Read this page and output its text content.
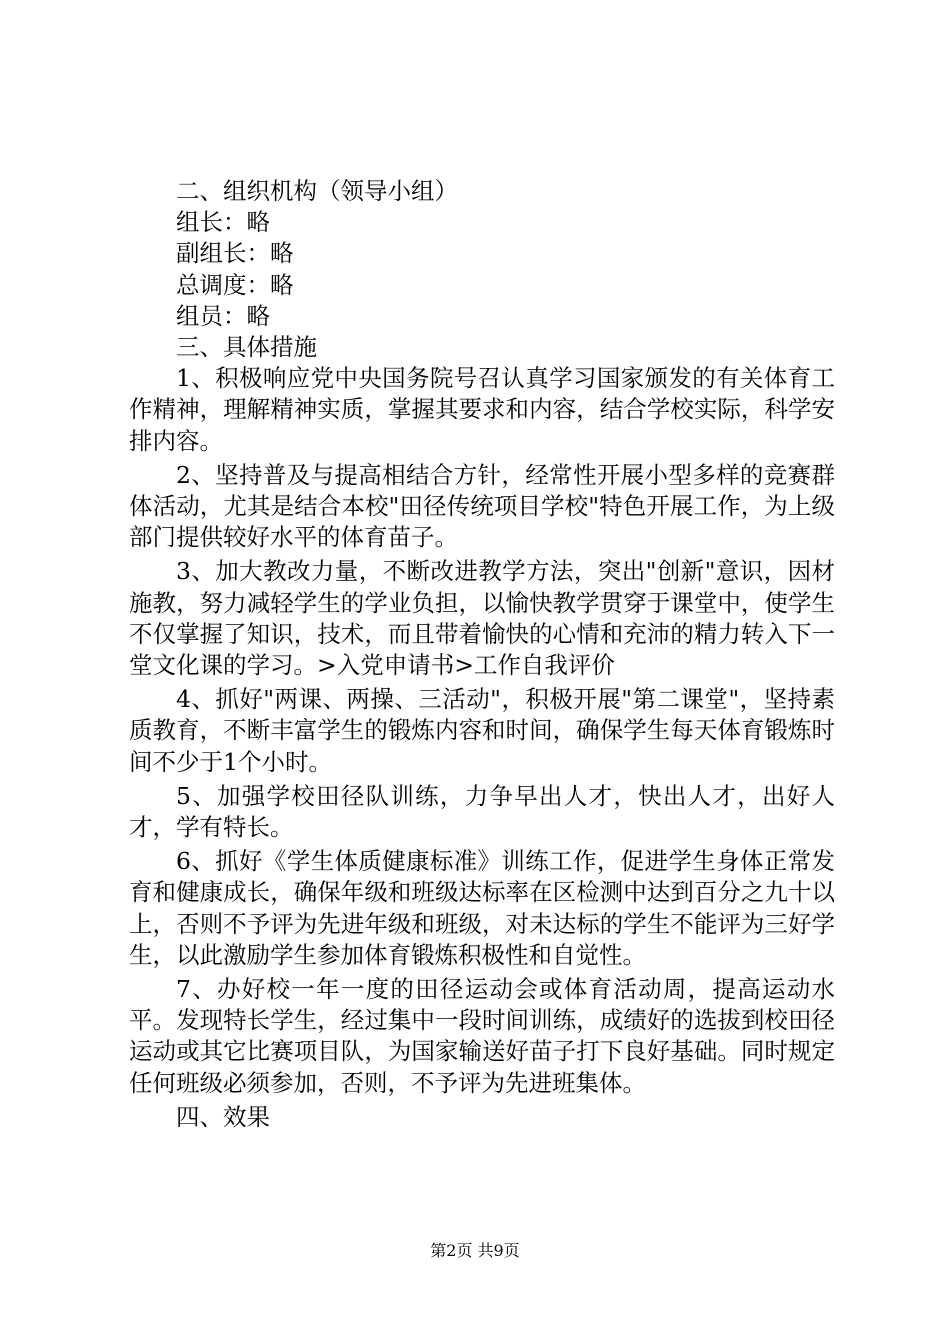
二、组织机构（领导小组）
组长：略
副组长：略
总调度：略
组员：略
三、具体措施

1、积极响应党中央国务院号召认真学习国家颁发的有关体育工作精神，理解精神实质，掌握其要求和内容，结合学校实际，科学安排内容。

2、坚持普及与提高相结合方针，经常性开展小型多样的竞赛群体活动，尤其是结合本校"田径传统项目学校"特色开展工作，为上级部门提供较好水平的体育苗子。

3、加大教改力量，不断改进教学方法，突出"创新"意识，因材施教，努力减轻学生的学业负担，以愉快教学贯穿于课堂中，使学生不仅掌握了知识，技术，而且带着愉快的心情和充沛的精力转入下一堂文化课的学习。>入党申请书>工作自我评价

4、抓好"两课、两操、三活动"，积极开展"第二课堂"，坚持素质教育，不断丰富学生的锻炼内容和时间，确保学生每天体育锻炼时间不少于1个小时。

5、加强学校田径队训练，力争早出人才，快出人才，出好人才，学有特长。

6、抓好《学生体质健康标准》训练工作，促进学生身体正常发育和健康成长，确保年级和班级达标率在区检测中达到百分之九十以上，否则不予评为先进年级和班级，对未达标的学生不能评为三好学生，以此激励学生参加体育锻炼积极性和自觉性。

7、办好校一年一度的田径运动会或体育活动周，提高运动水平。发现特长学生，经过集中一段时间训练，成绩好的选拔到校田径运动或其它比赛项目队，为国家输送好苗子打下良好基础。同时规定任何班级必须参加，否则，不予评为先进班集体。

四、效果
第2页 共9页
